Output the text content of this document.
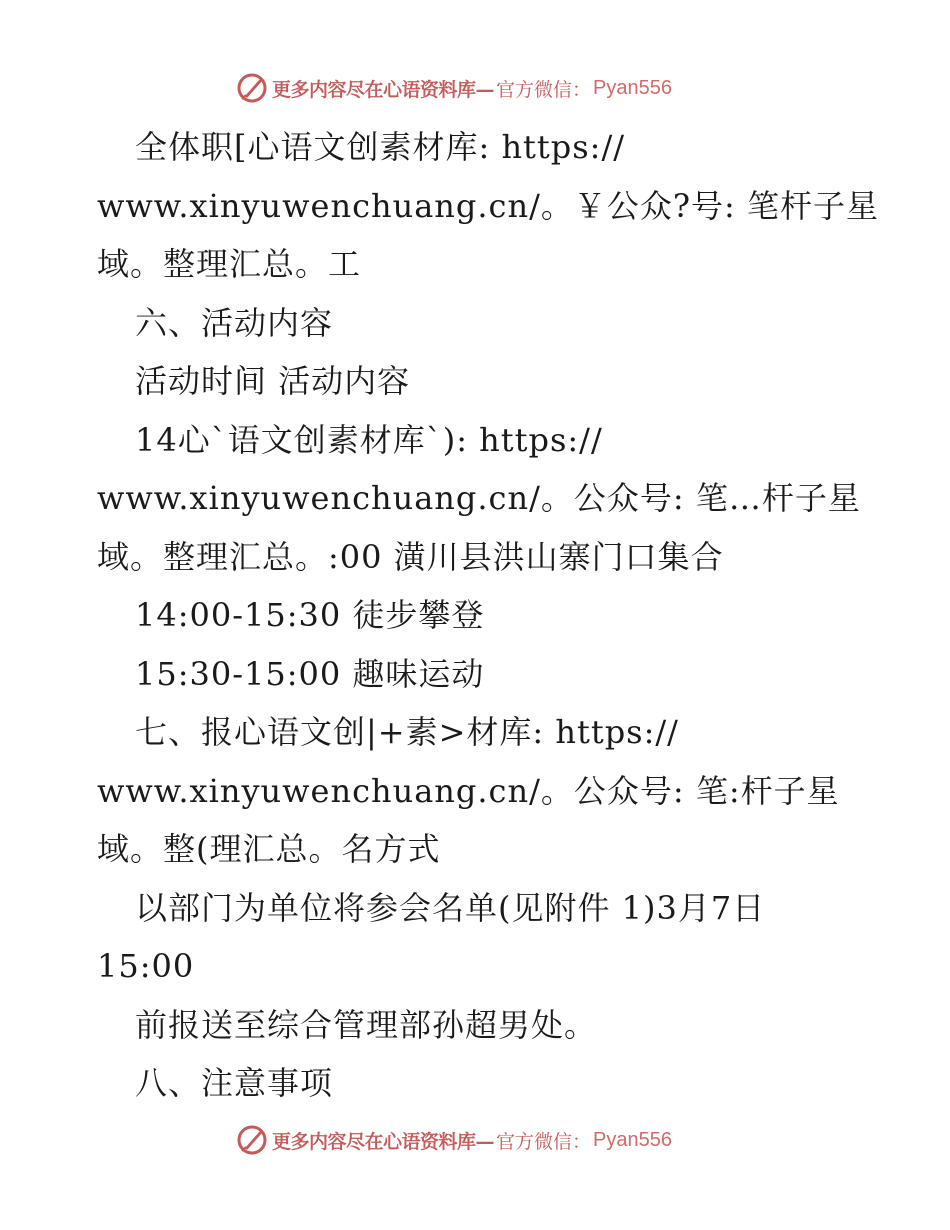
更多内容尽在心语资料库— 官方微信： Pyan556
全体职[心语文创素材库: https://
www.xinyuwenchuang.cn/。￥公众?号: 笔杆子星
域。整理汇总。工
六、活动内容
活动时间 活动内容
14心`语文创素材库`): https://
www.xinyuwenchuang.cn/。公众号: 笔…杆子星
域。整理汇总。:00 潢川县洪山寨门口集合
14:00-15:30 徒步攀登
15:30-15:00 趣味运动
七、报心语文创|+素>材库: https://
www.xinyuwenchuang.cn/。公众号: 笔:杆子星
域。整(理汇总。名方式
以部门为单位将参会名单(见附件 1)3月7日
15:00
前报送至综合管理部孙超男处。
八、注意事项
更多内容尽在心语资料库— 官方微信： Pyan556
